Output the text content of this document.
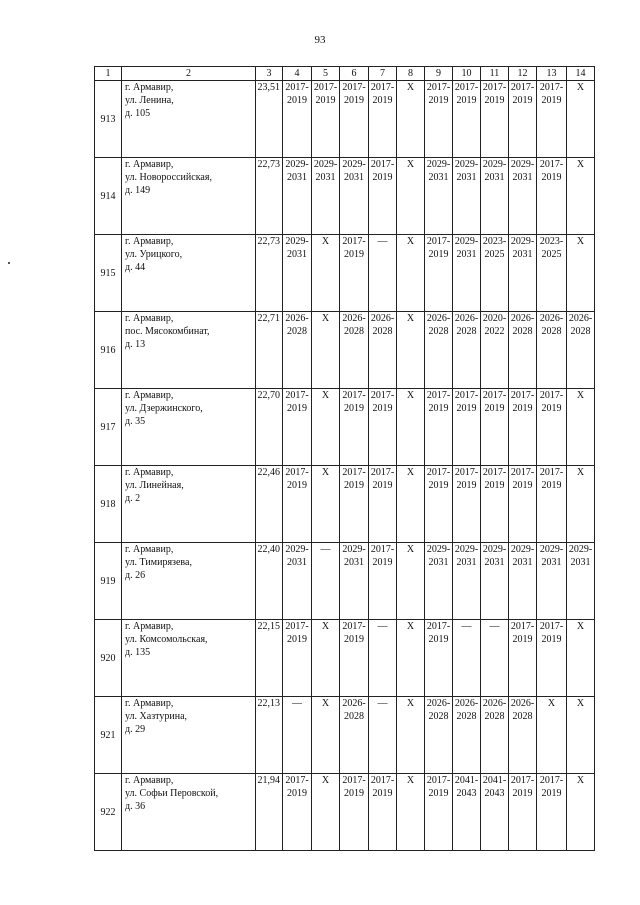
93
1	2	3	4	5	6	7	8	9	10	11	12	13	14
913	г. Армавир,
ул. Ленина,
д. 105	23,51	2017-
2019	2017-
2019	2017-
2019	2017-
2019	X	2017-
2019	2017-
2019	2017-
2019	2017-
2019	2017-
2019	X
914	г. Армавир,
ул. Новороссийская,
д. 149	22,73	2029-
2031	2029-
2031	2029-
2031	2017-
2019	X	2029-
2031	2029-
2031	2029-
2031	2029-
2031	2017-
2019	X
915	г. Армавир,
ул. Урицкого,
д. 44	22,73	2029-
2031	X	2017-
2019	—	X	2017-
2019	2029-
2031	2023-
2025	2029-
2031	2023-
2025	X
916	г. Армавир,
пос. Мясокомбинат,
д. 13	22,71	2026-
2028	X	2026-
2028	2026-
2028	X	2026-
2028	2026-
2028	2020-
2022	2026-
2028	2026-
2028	2026-
2028
917	г. Армавир,
ул. Дзержинского,
д. 35	22,70	2017-
2019	X	2017-
2019	2017-
2019	X	2017-
2019	2017-
2019	2017-
2019	2017-
2019	2017-
2019	X
918	г. Армавир,
ул. Линейная,
д. 2	22,46	2017-
2019	X	2017-
2019	2017-
2019	X	2017-
2019	2017-
2019	2017-
2019	2017-
2019	2017-
2019	X
919	г. Армавир,
ул. Тимирязева,
д. 26	22,40	2029-
2031	—	2029-
2031	2017-
2019	X	2029-
2031	2029-
2031	2029-
2031	2029-
2031	2029-
2031	2029-
2031
920	г. Армавир,
ул. Комсомольская,
д. 135	22,15	2017-
2019	X	2017-
2019	—	X	2017-
2019	—	—	2017-
2019	2017-
2019	X
921	г. Армавир,
ул. Хазтурина,
д. 29	22,13	—	X	2026-
2028	—	X	2026-
2028	2026-
2028	2026-
2028	2026-
2028	X	X
922	г. Армавир,
ул. Софьи Перовской,
д. 36	21,94	2017-
2019	X	2017-
2019	2017-
2019	X	2017-
2019	2041-
2043	2041-
2043	2017-
2019	2017-
2019	X
